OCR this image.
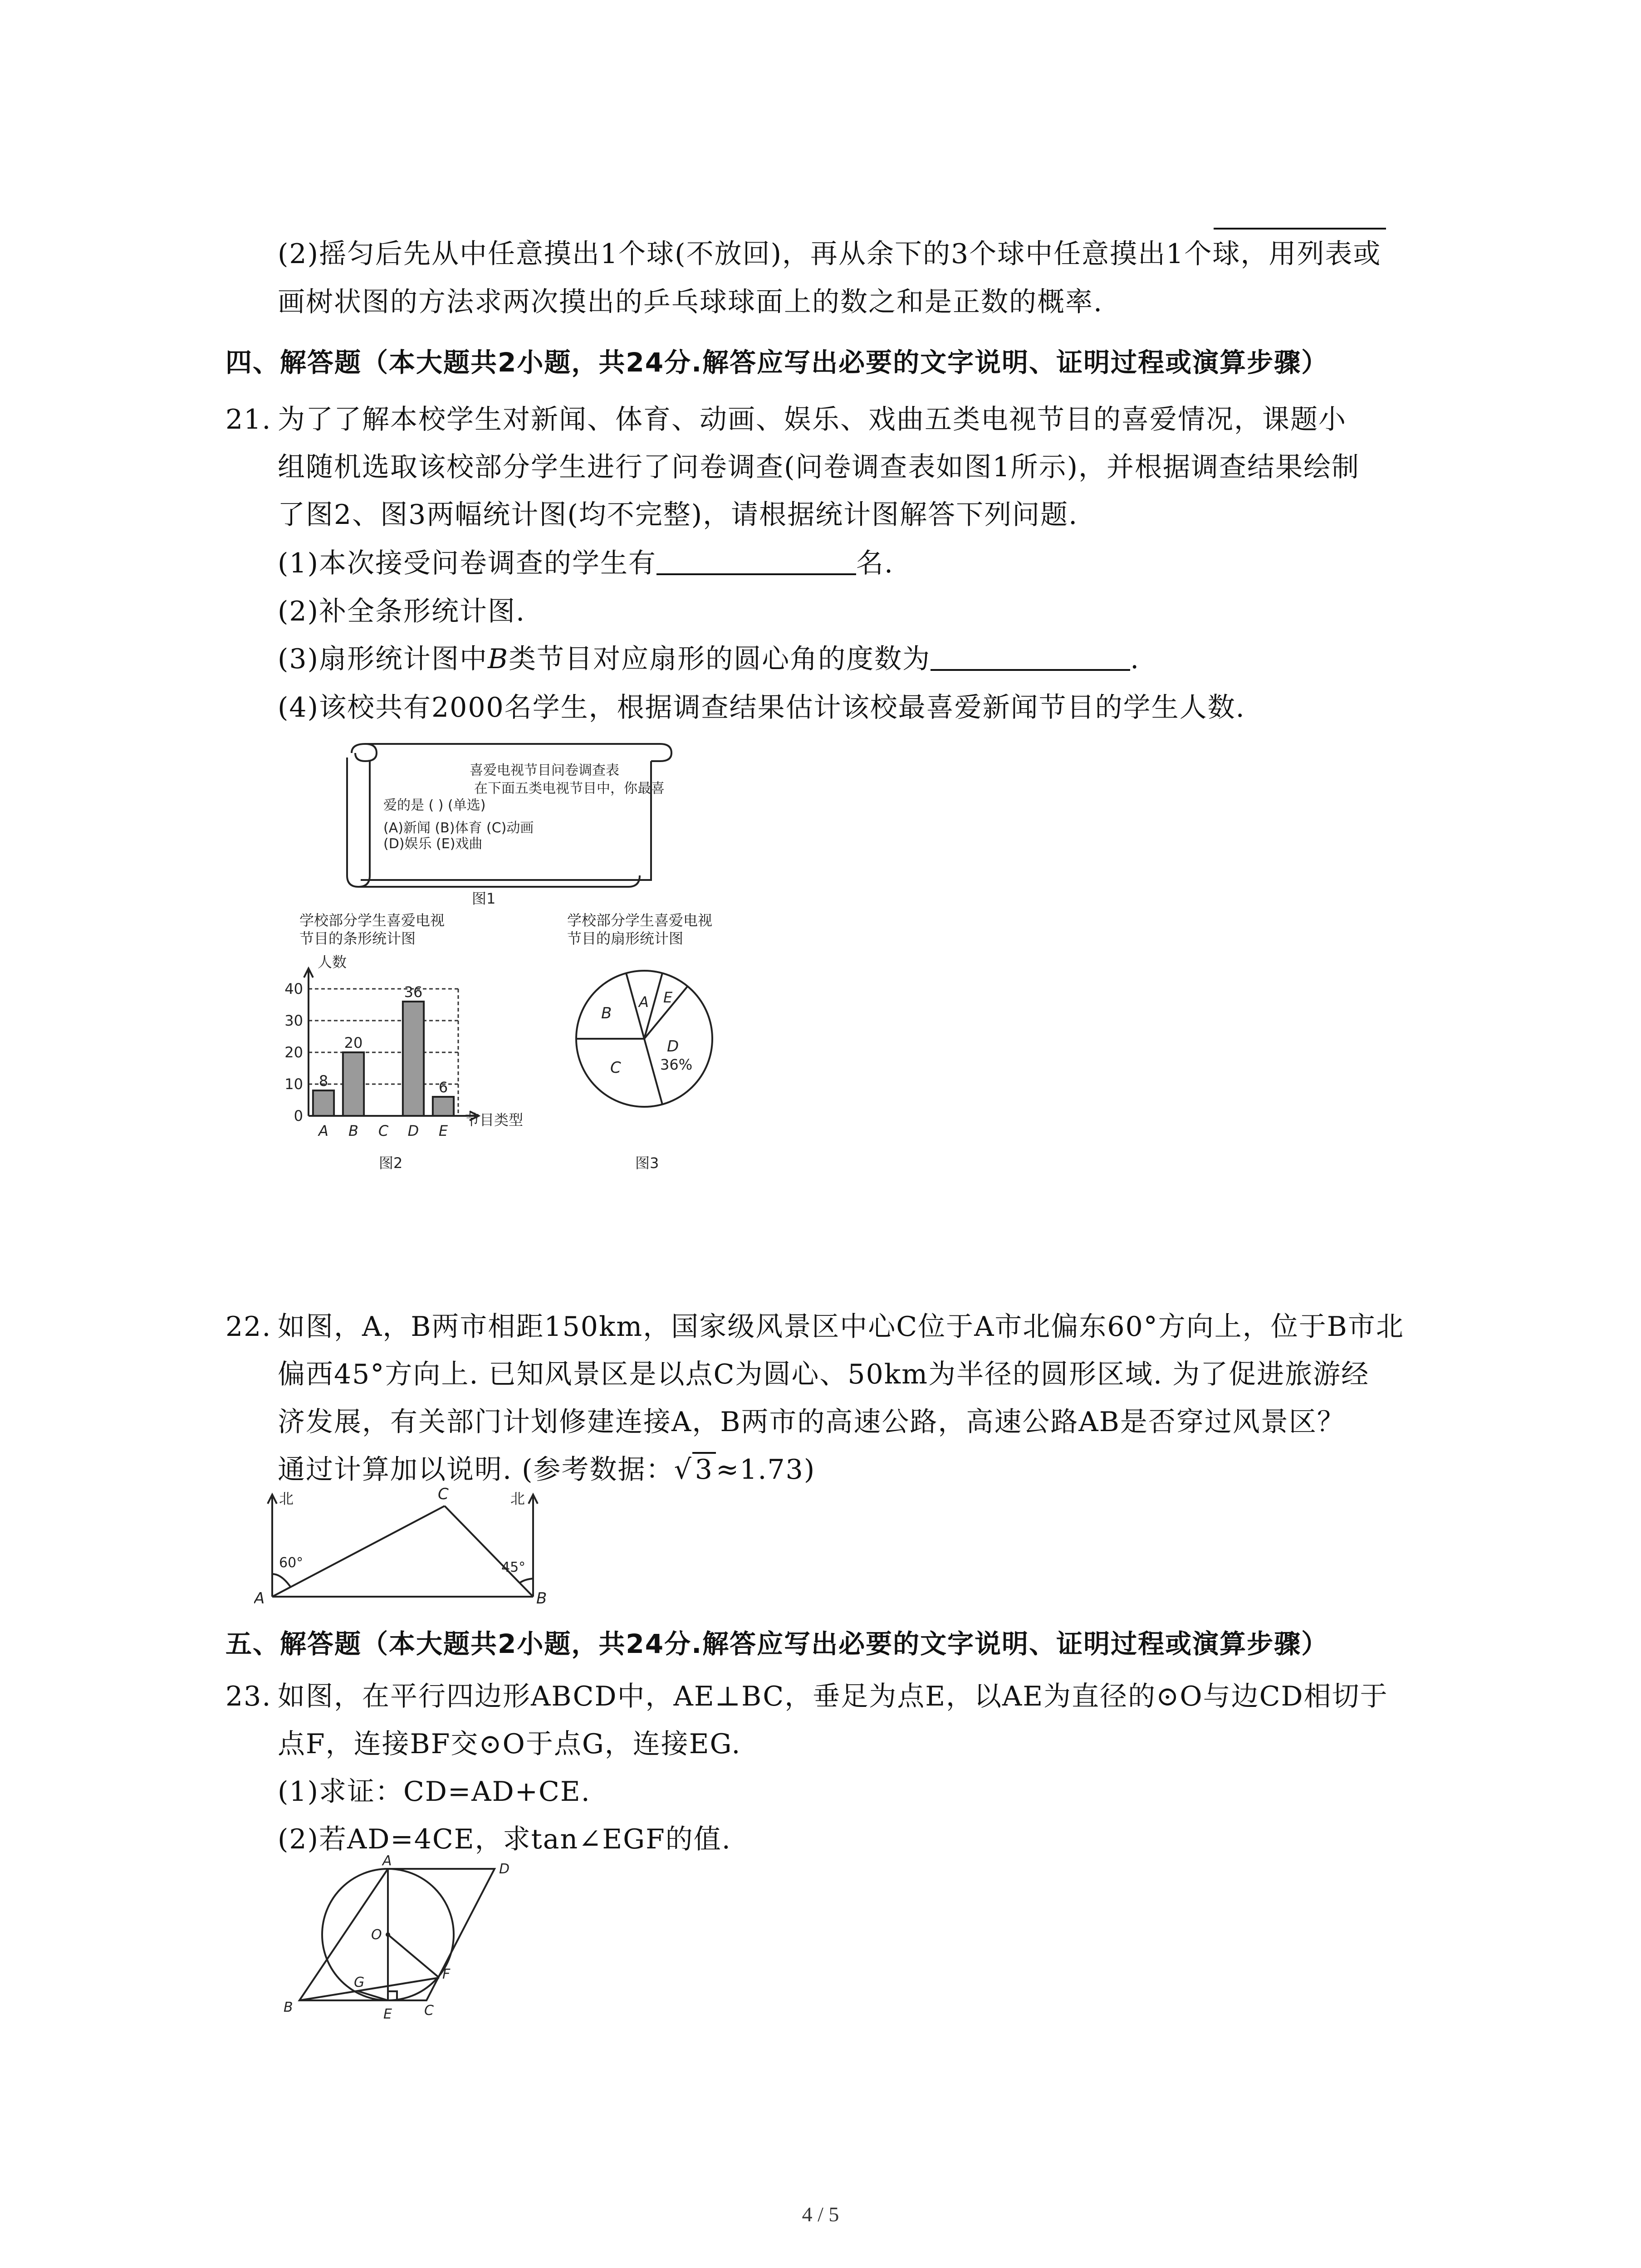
(2)摇匀后先从中任意摸出1个球(不放回)，再从余下的3个球中任意摸出1个球，用列表或
画树状图的方法求两次摸出的乒乓球球面上的数之和是正数的概率.
四、解答题（本大题共2小题，共24分.解答应写出必要的文字说明、证明过程或演算步骤）
21. 为了了解本校学生对新闻、体育、动画、娱乐、戏曲五类电视节目的喜爱情况，课题小
组随机选取该校部分学生进行了问卷调查(问卷调查表如图1所示)，并根据调查结果绘制
了图2、图3两幅统计图(均不完整)，请根据统计图解答下列问题.
(1)本次接受问卷调查的学生有	名.
(2)补全条形统计图.
(3)扇形统计图中B类节目对应扇形的圆心角的度数为	.
(4)该校共有2000名学生，根据调查结果估计该校最喜爱新闻节目的学生人数.
喜爱电视节目问卷调查表
在下面五类电视节目中，你最喜
爱的是 ( ) (单选)
(A)新闻 (B)体育 (C)动画
(D)娱乐 (E)戏曲
图1
学校部分学生喜爱电视
节目的条形统计图
人数
节目类型
图2
0
10
20
30
40
8
A
20
B C
36
D
6
E
学校部分学生喜爱电视
节目的扇形统计图
B
A E
C
D
36%
图3
22. 如图，A，B两市相距150km，国家级风景区中心C位于A市北偏东60°方向上，位于B市北
偏西45°方向上. 已知风景区是以点C为圆心、50km为半径的圆形区域. 为了促进旅游经
济发展，有关部门计划修建连接A，B两市的高速公路，高速公路AB是否穿过风景区？
通过计算加以说明. (参考数据：√ 3 ≈1.73)
北	北
C
A	B
60°	45°
五、解答题（本大题共2小题，共24分.解答应写出必要的文字说明、证明过程或演算步骤）
23. 如图，在平行四边形ABCD中，AE⊥BC，垂足为点E，以AE为直径的⊙O与边CD相切于
点F，连接BF交⊙O于点G，连接EG.
(1)求证：CD=AD+CE.
(2)若AD=4CE，求tan∠EGF的值.
A
D
O
G
F
B	E C
4 / 5
